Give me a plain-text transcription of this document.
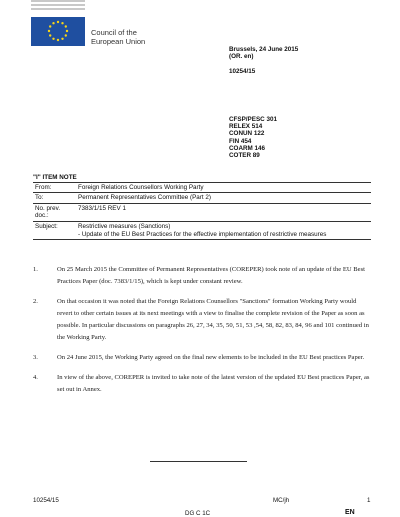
Council of the
European Union
Brussels, 24 June 2015
(OR. en)
10254/15
CFSP/PESC 301
RELEX 514
CONUN 122
FIN 454
COARM 146
COTER 89
"I" ITEM NOTE
From:	Foreign Relations Counsellors Working Party
To:	Permanent Representatives Committee (Part 2)
No. prev. doc.:	7383/1/15 REV 1
Subject:	Restrictive measures (Sanctions)
- Update of the EU Best Practices for the effective implementation of restrictive measures
1.	On 25 March 2015 the Committee of Permanent Representatives (COREPER) took note of an update of the EU Best Practices Paper (doc. 7383/1/15), which is kept under constant review.
2.	On that occasion it was noted that the Foreign Relations Counsellors "Sanctions" formation Working Party would revert to other certain issues at its next meetings with a view to finalise the complete revision of the Paper as soon as possible. In particular discussions on paragraphs 26, 27, 34, 35, 50, 51, 53 ,54, 58, 82, 83, 84, 96 and 101 continued in the Working Party.
3.	On 24 June 2015, the Working Party agreed on the final new elements to be included in the EU Best practices Paper.
4.	In view of the above, COREPER is invited to take note of the latest version of the updated EU Best practices Paper, as set out in Annex.
10254/15	MC/jh	1
DG C 1C	EN
